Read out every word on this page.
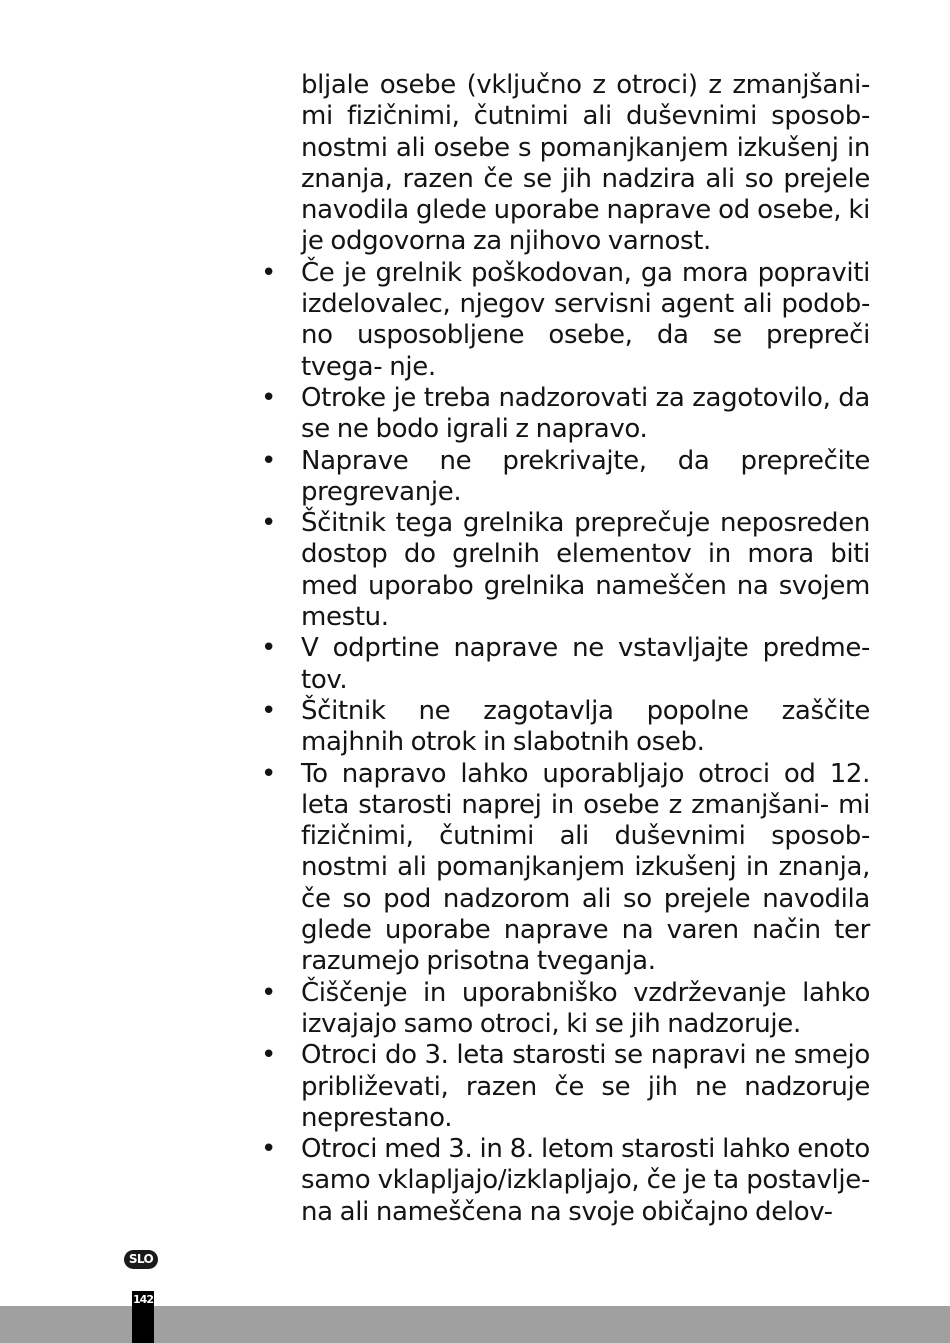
bljale osebe (vključno z otroci) z zmanjšani- mi fizičnimi, čutnimi ali duševnimi sposob- nostmi ali osebe s pomanjkanjem izkušenj in znanja, razen če se jih nadzira ali so prejele navodila glede uporabe naprave od osebe, ki je odgovorna za njihovo varnost.
• Če je grelnik poškodovan, ga mora popraviti izdelovalec, njegov servisni agent ali podob- no usposobljene osebe, da se prepreči tvega- nje.
• Otroke je treba nadzorovati za zagotovilo, da se ne bodo igrali z napravo.
• Naprave ne prekrivajte, da preprečite pregrevanje.
• Ščitnik tega grelnika preprečuje neposreden dostop do grelnih elementov in mora biti med uporabo grelnika nameščen na svojem mestu.
• V odprtine naprave ne vstavljajte predme- tov.
• Ščitnik ne zagotavlja popolne zaščite majhnih otrok in slabotnih oseb.
• To napravo lahko uporabljajo otroci od 12. leta starosti naprej in osebe z zmanjšani- mi fizičnimi, čutnimi ali duševnimi sposob- nostmi ali pomanjkanjem izkušenj in znanja, če so pod nadzorom ali so prejele navodila glede uporabe naprave na varen način ter razumejo prisotna tveganja.
• Čiščenje in uporabniško vzdrževanje lahko izvajajo samo otroci, ki se jih nadzoruje.
• Otroci do 3. leta starosti se napravi ne smejo približevati, razen če se jih ne nadzoruje neprestano.
• Otroci med 3. in 8. letom starosti lahko enoto samo vklapljajo/izklapljajo, če je ta postavlje- na ali nameščena na svoje običajno delov-
SLO
142
